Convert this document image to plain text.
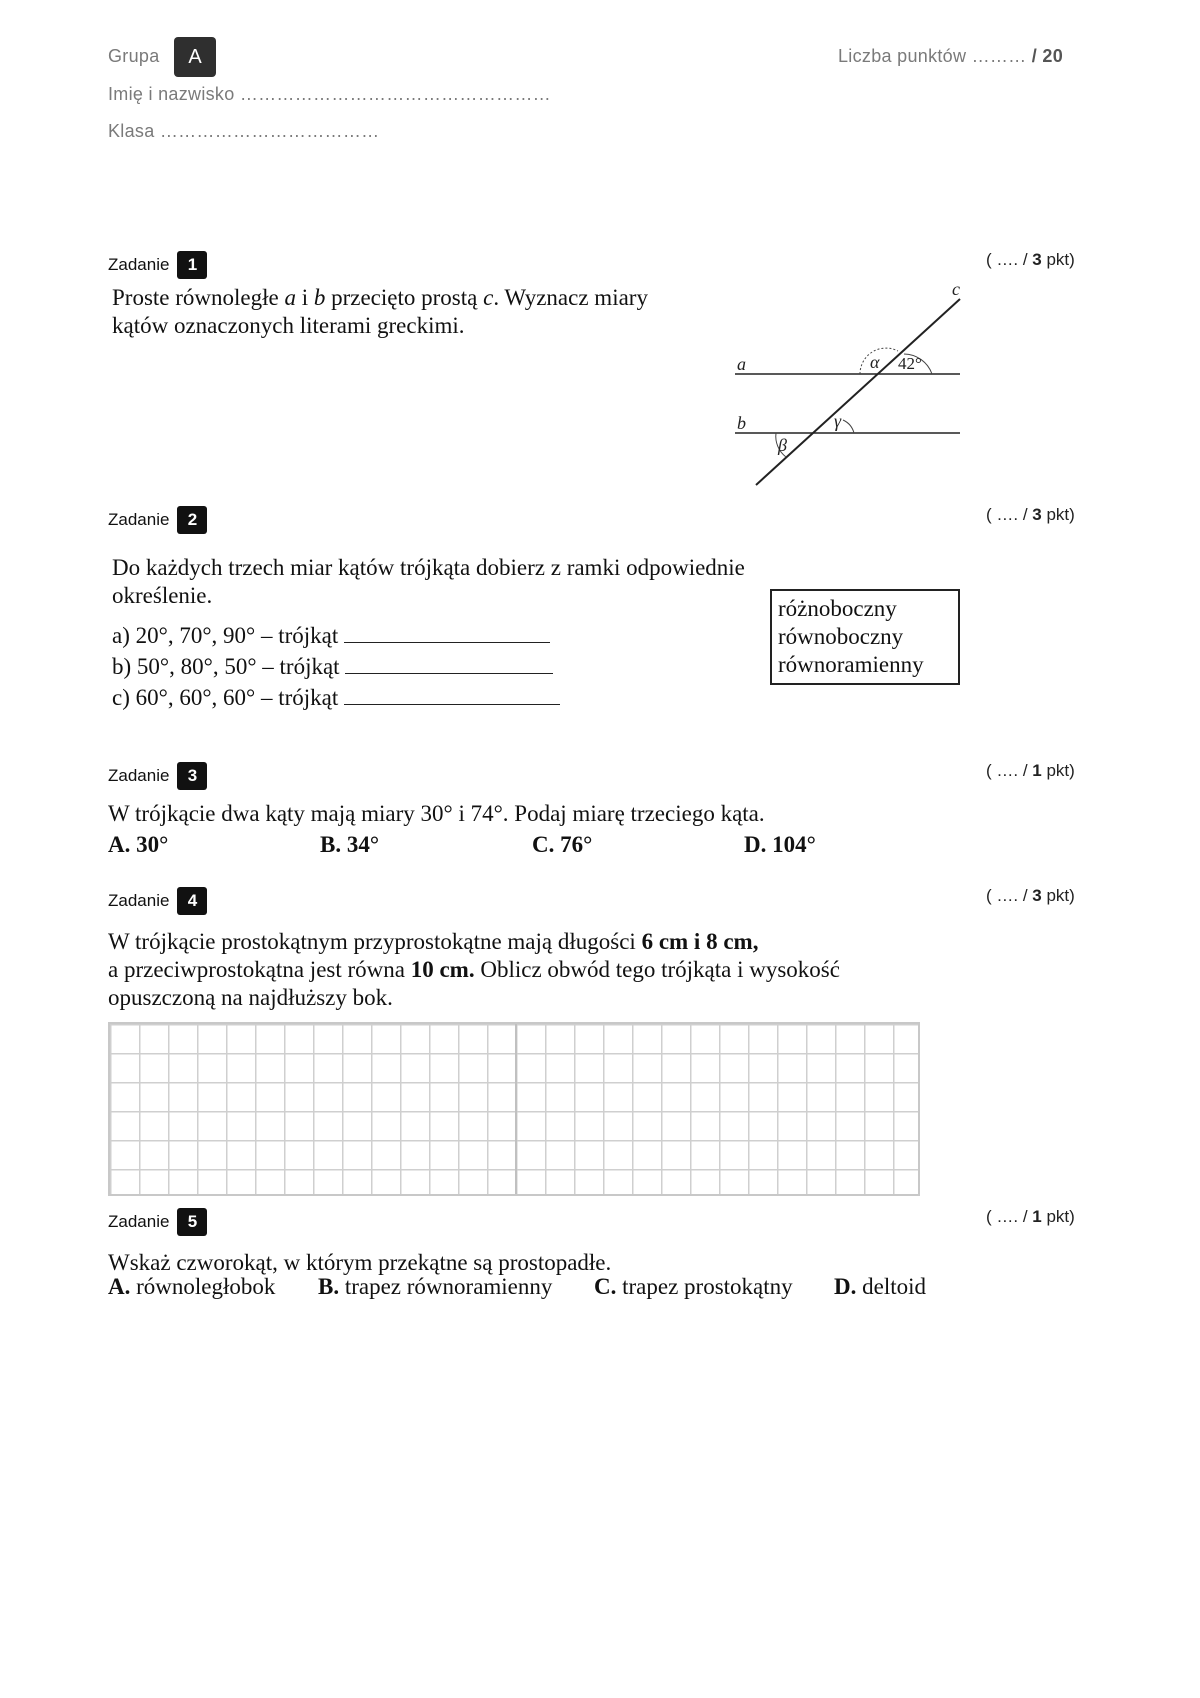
Grupa	A
Imię i nazwisko ……………………………………………
Klasa ………………………………
Liczba punktów ……… / 20
Zadanie	1	( …. / 3 pkt)
Proste równoległe a i b przecięto prostą c. Wyznacz miary
kątów oznaczonych literami greckimi.
a
b
c
α 42°
γ
β
Zadanie	2	( …. / 3 pkt)
Do każdych trzech miar kątów trójkąta dobierz z ramki odpowiednie
określenie.
a) 20°, 70°, 90° – trójkąt
b) 50°, 80°, 50° – trójkąt
c) 60°, 60°, 60° – trójkąt
różnoboczny
równoboczny
równoramienny
Zadanie	3	( …. / 1 pkt)
W trójkącie dwa kąty mają miary 30° i 74°. Podaj miarę trzeciego kąta.
A. 30°	B. 34°	C. 76°	D. 104°
Zadanie	4	( …. / 3 pkt)
W trójkącie prostokątnym przyprostokątne mają długości 6 cm i 8 cm,
a przeciwprostokątna jest równa 10 cm. Oblicz obwód tego trójkąta i wysokość
opuszczoną na najdłuższy bok.
Zadanie	5	( …. / 1 pkt)
Wskaż czworokąt, w którym przekątne są prostopadłe.
A. równoległobok B. trapez równoramienny C. trapez prostokątny D. deltoid
